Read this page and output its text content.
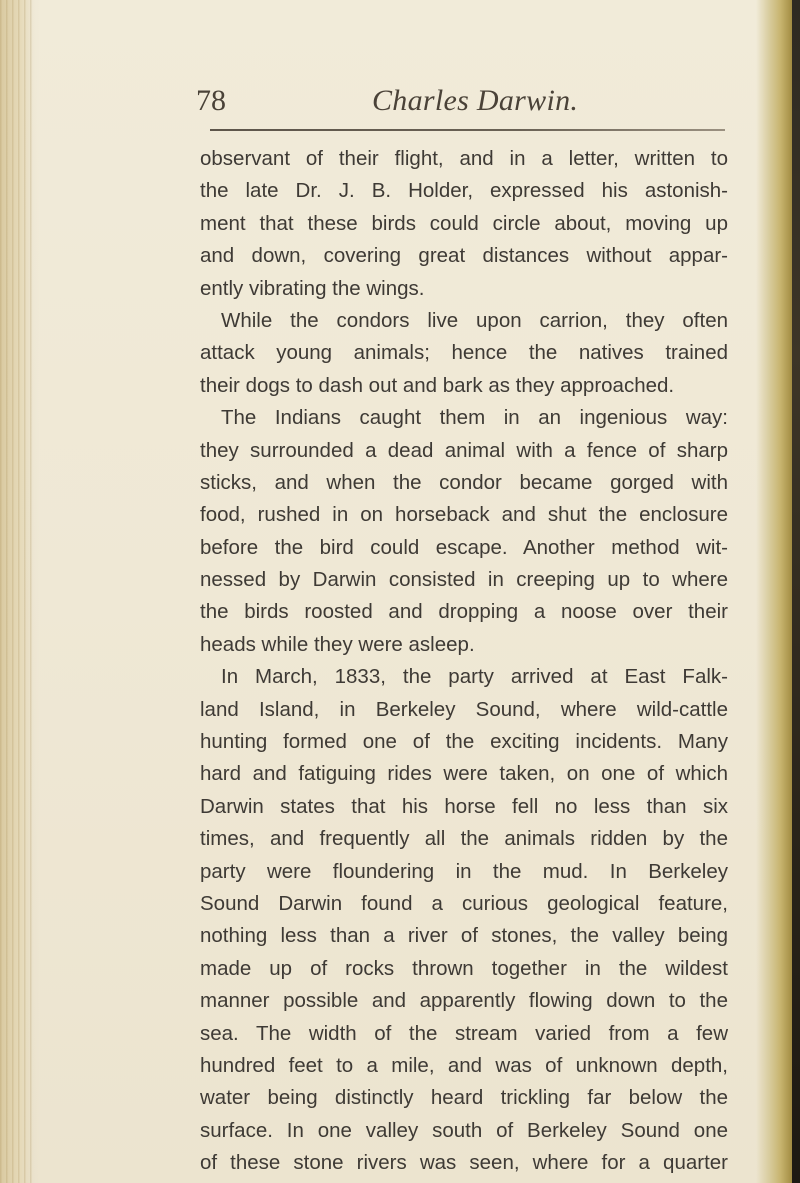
78	Charles Darwin.
observant of their flight, and in a letter, written to
the late Dr. J. B. Holder, expressed his astonish-
ment that these birds could circle about, moving up
and down, covering great distances without appar-
ently vibrating the wings.
While the condors live upon carrion, they often
attack young animals; hence the natives trained
their dogs to dash out and bark as they approached.
The Indians caught them in an ingenious way:
they surrounded a dead animal with a fence of sharp
sticks, and when the condor became gorged with
food, rushed in on horseback and shut the enclosure
before the bird could escape. Another method wit-
nessed by Darwin consisted in creeping up to where
the birds roosted and dropping a noose over their
heads while they were asleep.
In March, 1833, the party arrived at East Falk-
land Island, in Berkeley Sound, where wild-cattle
hunting formed one of the exciting incidents. Many
hard and fatiguing rides were taken, on one of which
Darwin states that his horse fell no less than six
times, and frequently all the animals ridden by the
party were floundering in the mud. In Berkeley
Sound Darwin found a curious geological feature,
nothing less than a river of stones, the valley being
made up of rocks thrown together in the wildest
manner possible and apparently flowing down to the
sea. The width of the stream varied from a few
hundred feet to a mile, and was of unknown depth,
water being distinctly heard trickling far below the
surface. In one valley south of Berkeley Sound one
of these stone rivers was seen, where for a quarter
